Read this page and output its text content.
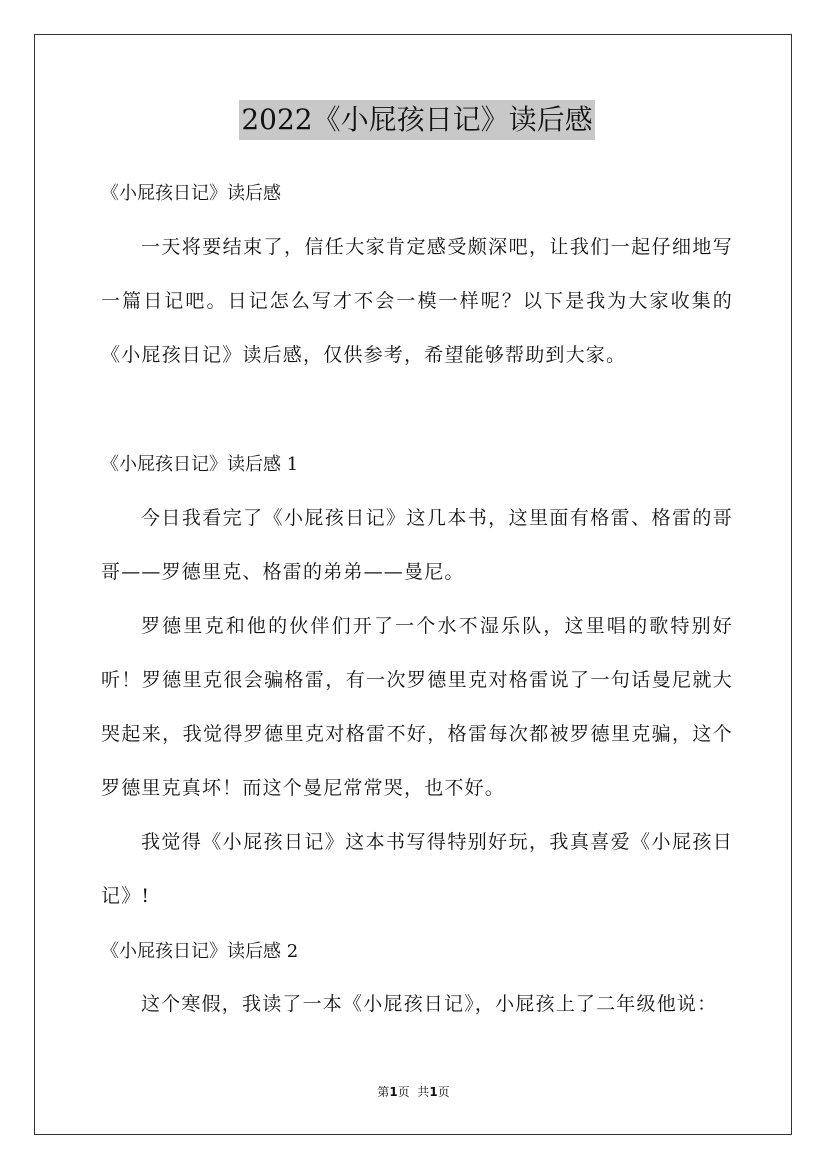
2022《小屁孩日记》读后感
《小屁孩日记》读后感
一天将要结束了，信任大家肯定感受颇深吧，让我们一起仔细地写一篇日记吧。日记怎么写才不会一模一样呢？以下是我为大家收集的《小屁孩日记》读后感，仅供参考，希望能够帮助到大家。
《小屁孩日记》读后感 1
今日我看完了《小屁孩日记》这几本书，这里面有格雷、格雷的哥哥——罗德里克、格雷的弟弟——曼尼。
罗德里克和他的伙伴们开了一个水不湿乐队，这里唱的歌特别好听！罗德里克很会骗格雷，有一次罗德里克对格雷说了一句话曼尼就大哭起来，我觉得罗德里克对格雷不好，格雷每次都被罗德里克骗，这个罗德里克真坏！而这个曼尼常常哭，也不好。
我觉得《小屁孩日记》这本书写得特别好玩，我真喜爱《小屁孩日记》!
《小屁孩日记》读后感 2
这个寒假，我读了一本《小屁孩日记》，小屁孩上了二年级他说：
第1页  共1页
